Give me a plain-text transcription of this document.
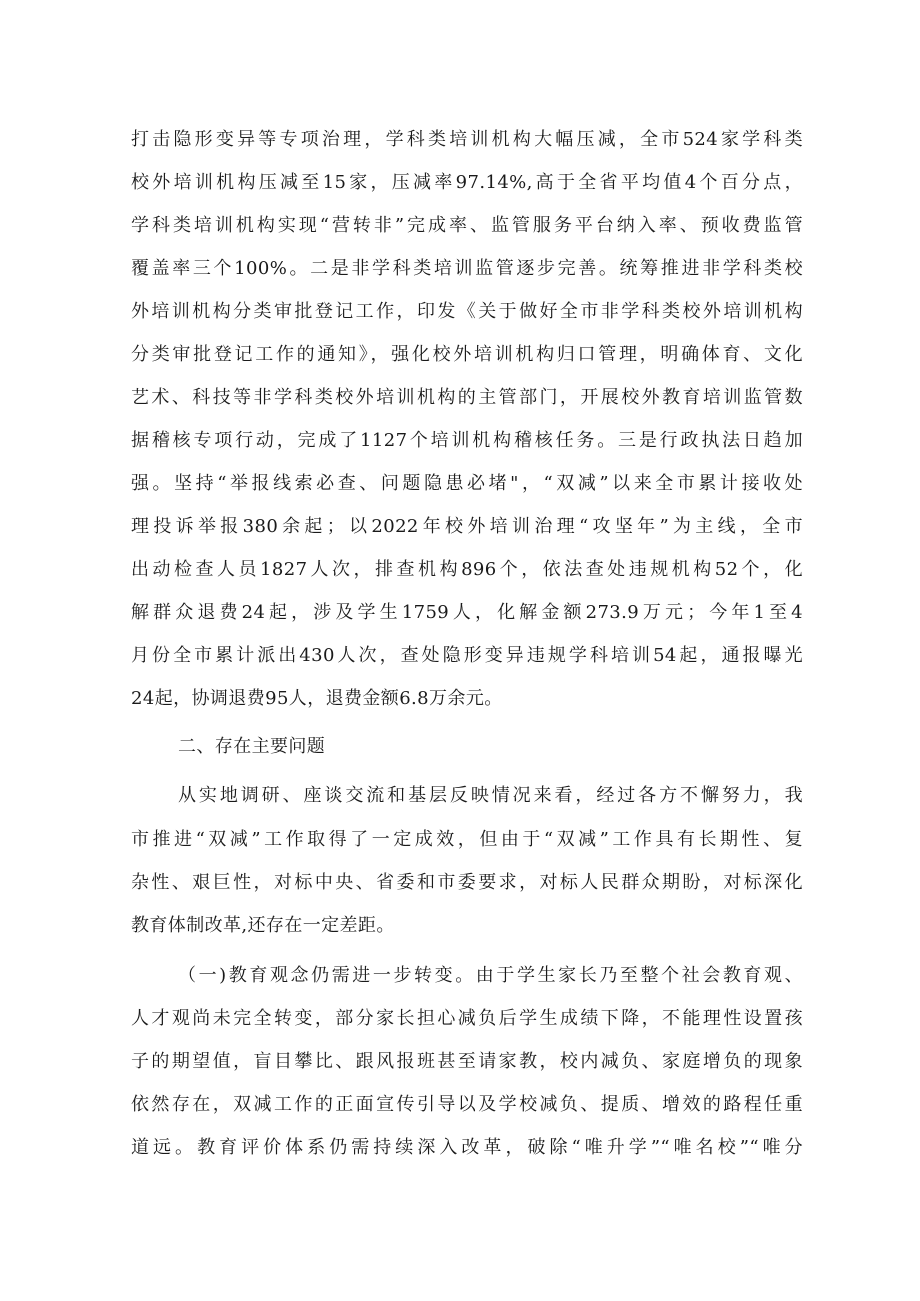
打击隐形变异等专项治理，学科类培训机构大幅压减，全市524家学科类
校外培训机构压减至15家，压减率97.14%,高于全省平均值4个百分点，
学科类培训机构实现“营转非”完成率、监管服务平台纳入率、预收费监管
覆盖率三个100%。二是非学科类培训监管逐步完善。统筹推进非学科类校
外培训机构分类审批登记工作，印发《关于做好全市非学科类校外培训机构
分类审批登记工作的通知》，强化校外培训机构归口管理，明确体育、文化
艺术、科技等非学科类校外培训机构的主管部门，开展校外教育培训监管数
据稽核专项行动，完成了1127个培训机构稽核任务。三是行政执法日趋加
强。坚持“举报线索必查、问题隐患必堵"，“双减”以来全市累计接收处
理投诉举报380余起；以2022年校外培训治理“攻坚年”为主线，全市
出动检查人员1827人次，排查机构896个，依法查处违规机构52个，化
解群众退费24起，涉及学生1759人，化解金额273.9万元；今年1至4
月份全市累计派出430人次，查处隐形变异违规学科培训54起，通报曝光
24起，协调退费95人，退费金额6.8万余元。
二、存在主要问题
从实地调研、座谈交流和基层反映情况来看，经过各方不懈努力，我
市推进“双减”工作取得了一定成效，但由于“双减”工作具有长期性、复
杂性、艰巨性，对标中央、省委和市委要求，对标人民群众期盼，对标深化
教育体制改革,还存在一定差距。
（一)教育观念仍需进一步转变。由于学生家长乃至整个社会教育观、
人才观尚未完全转变，部分家长担心减负后学生成绩下降，不能理性设置孩
子的期望值，盲目攀比、跟风报班甚至请家教，校内减负、家庭增负的现象
依然存在，双减工作的正面宣传引导以及学校减负、提质、增效的路程任重
道远。教育评价体系仍需持续深入改革，破除“唯升学”“唯名校”“唯分
